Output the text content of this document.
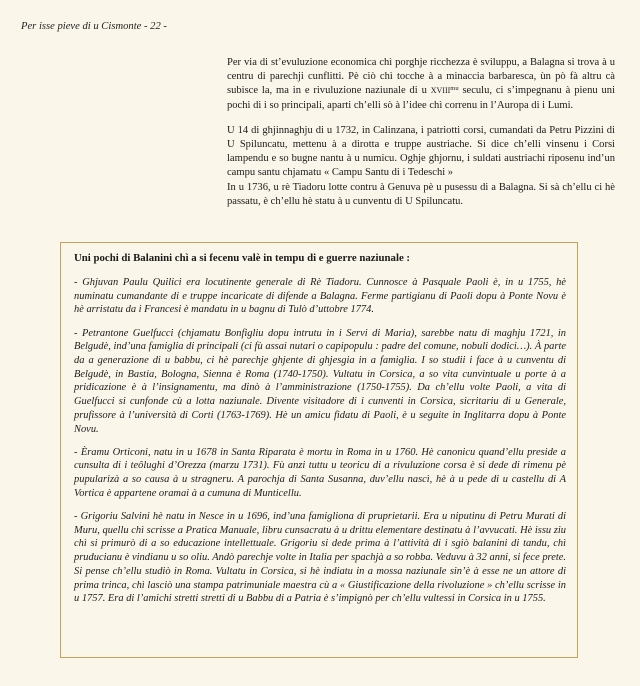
Per isse pieve di u Cismonte - 22 -

Per via di st’evuluzione economica chì porghje ricchezza è sviluppu, a Balagna si trova à u centru di parechji cunflitti. Pè ciò chì tocche à a minaccia barbaresca, ùn pò fà altru cà subisce la, ma in e rivuluzione naziunale di u $XVIII^{mu}$ seculu, ci s’impegnanu à pienu uni pochi di i so principali, aparti ch’elli sò à l’idee chì correnu in l’Auropa di i Lumi.

U 14 di ghjinnaghju di u 1732, in Calinzana, i patriotti corsi, cumandati da Petru Pizzini di U Spiluncatu, mettenu à a dirotta e truppe austriache. Si dice ch’elli vinsenu i Corsi lampendu e so bugne nantu à u numicu. Oghje ghjornu, i suldati austriachi riposenu ind’un campu santu chjamatu « Campu Santu di i Tedeschi »

In u 1736, u rè Tiadoru lotte contru à Genuva pè u pusessu di a Balagna. Si sà ch’ellu ci hè passatu, è ch’ellu hè statu à u cunventu di U Spiluncatu.

Uni pochi di Balanini chì a si fecenu valè in tempu di e guerre naziunale :

- Ghjuvan Paulu Quilici era locutinente generale di Rè Tiadoru. Cunnosce à Pasquale Paoli è, in u 1755, hè numinatu cumandante di e truppe incaricate di difende a Balagna. Ferme partigianu di Paoli dopu à Ponte Novu è hè arristatu da i Francesi è mandatu in u bagnu di Tulò d’uttobre 1774.

- Petrantone Guelfucci (chjamatu Bonfigliu dopu intrutu in i Servi di Maria), sarebbe natu di maghju 1721, in Belgudè, ind’una famiglia di principali (ci fù assai nutari o capipopulu : padre del comune, nobuli dodici…). À parte da a generazione di u babbu, ci hè parechje ghjente di ghjesgia in a famiglia. I so studii i face à u cunventu di Belgudè, in Bastia, Bologna, Sienna è Roma (1740-1750). Vultatu in Corsica, a so vita cunvintuale u porte à a pridicazione è à l’insignamentu, ma dinò à l’amministrazione (1750-1755). Da ch’ellu volte Paoli, a vita di Guelfucci si cunfonde cù a lotta naziunale. Divente visitadore di i cunventi in Corsica, sicritariu di u Generale, prufissore à l’università di Corti (1763-1769). Hè un amicu fidatu di Paoli, è u seguite in Inglitarra dopu à Ponte Novu.

- Èramu Orticoni, natu in u 1678 in Santa Riparata è mortu in Roma in u 1760. Hè canonicu quand’ellu preside a cunsulta di i teôlughi d’Orezza (marzu 1731). Fù anzi tuttu u teoricu di a rivuluzione corsa è si dede di rimenu pè pupularizà a so causa à u stragneru. A parochja di Santa Susanna, duv’ellu nascì, hè à u pede di u castellu di A Vortica è appartene oramai à a cumuna di Munticellu.

- Grigoriu Salvini hè natu in Nesce in u 1696, ind’una famigliona di pruprietarii. Era u niputinu di Petru Murati di Muru, quellu chì scrisse a Pratica Manuale, libru cunsacratu à u drittu elementare destinatu à l’avvucati. Hè issu ziu chì si primurò di a so educazione intellettuale. Grigoriu si dede prima à l’attività di i sgiò balanini di tandu, chì pruducianu è vindianu u so oliu. Andò parechje volte in Italia per spachjà a so robba. Veduvu à 32 anni, si fece prete. Si pense ch’ellu studiò in Roma. Vultatu in Corsica, si hè indiatu in a mossa naziunale sin’è à esse ne un attore di prima trinca, chì lasciò una stampa patrimuniale maestra cù a « Giustificazione della rivoluzione » ch’ellu scrisse in u 1757. Era di l’amichi stretti stretti di u Babbu di a Patria è s’impignò per ch’ellu vultessi in Corsica in u 1755.
